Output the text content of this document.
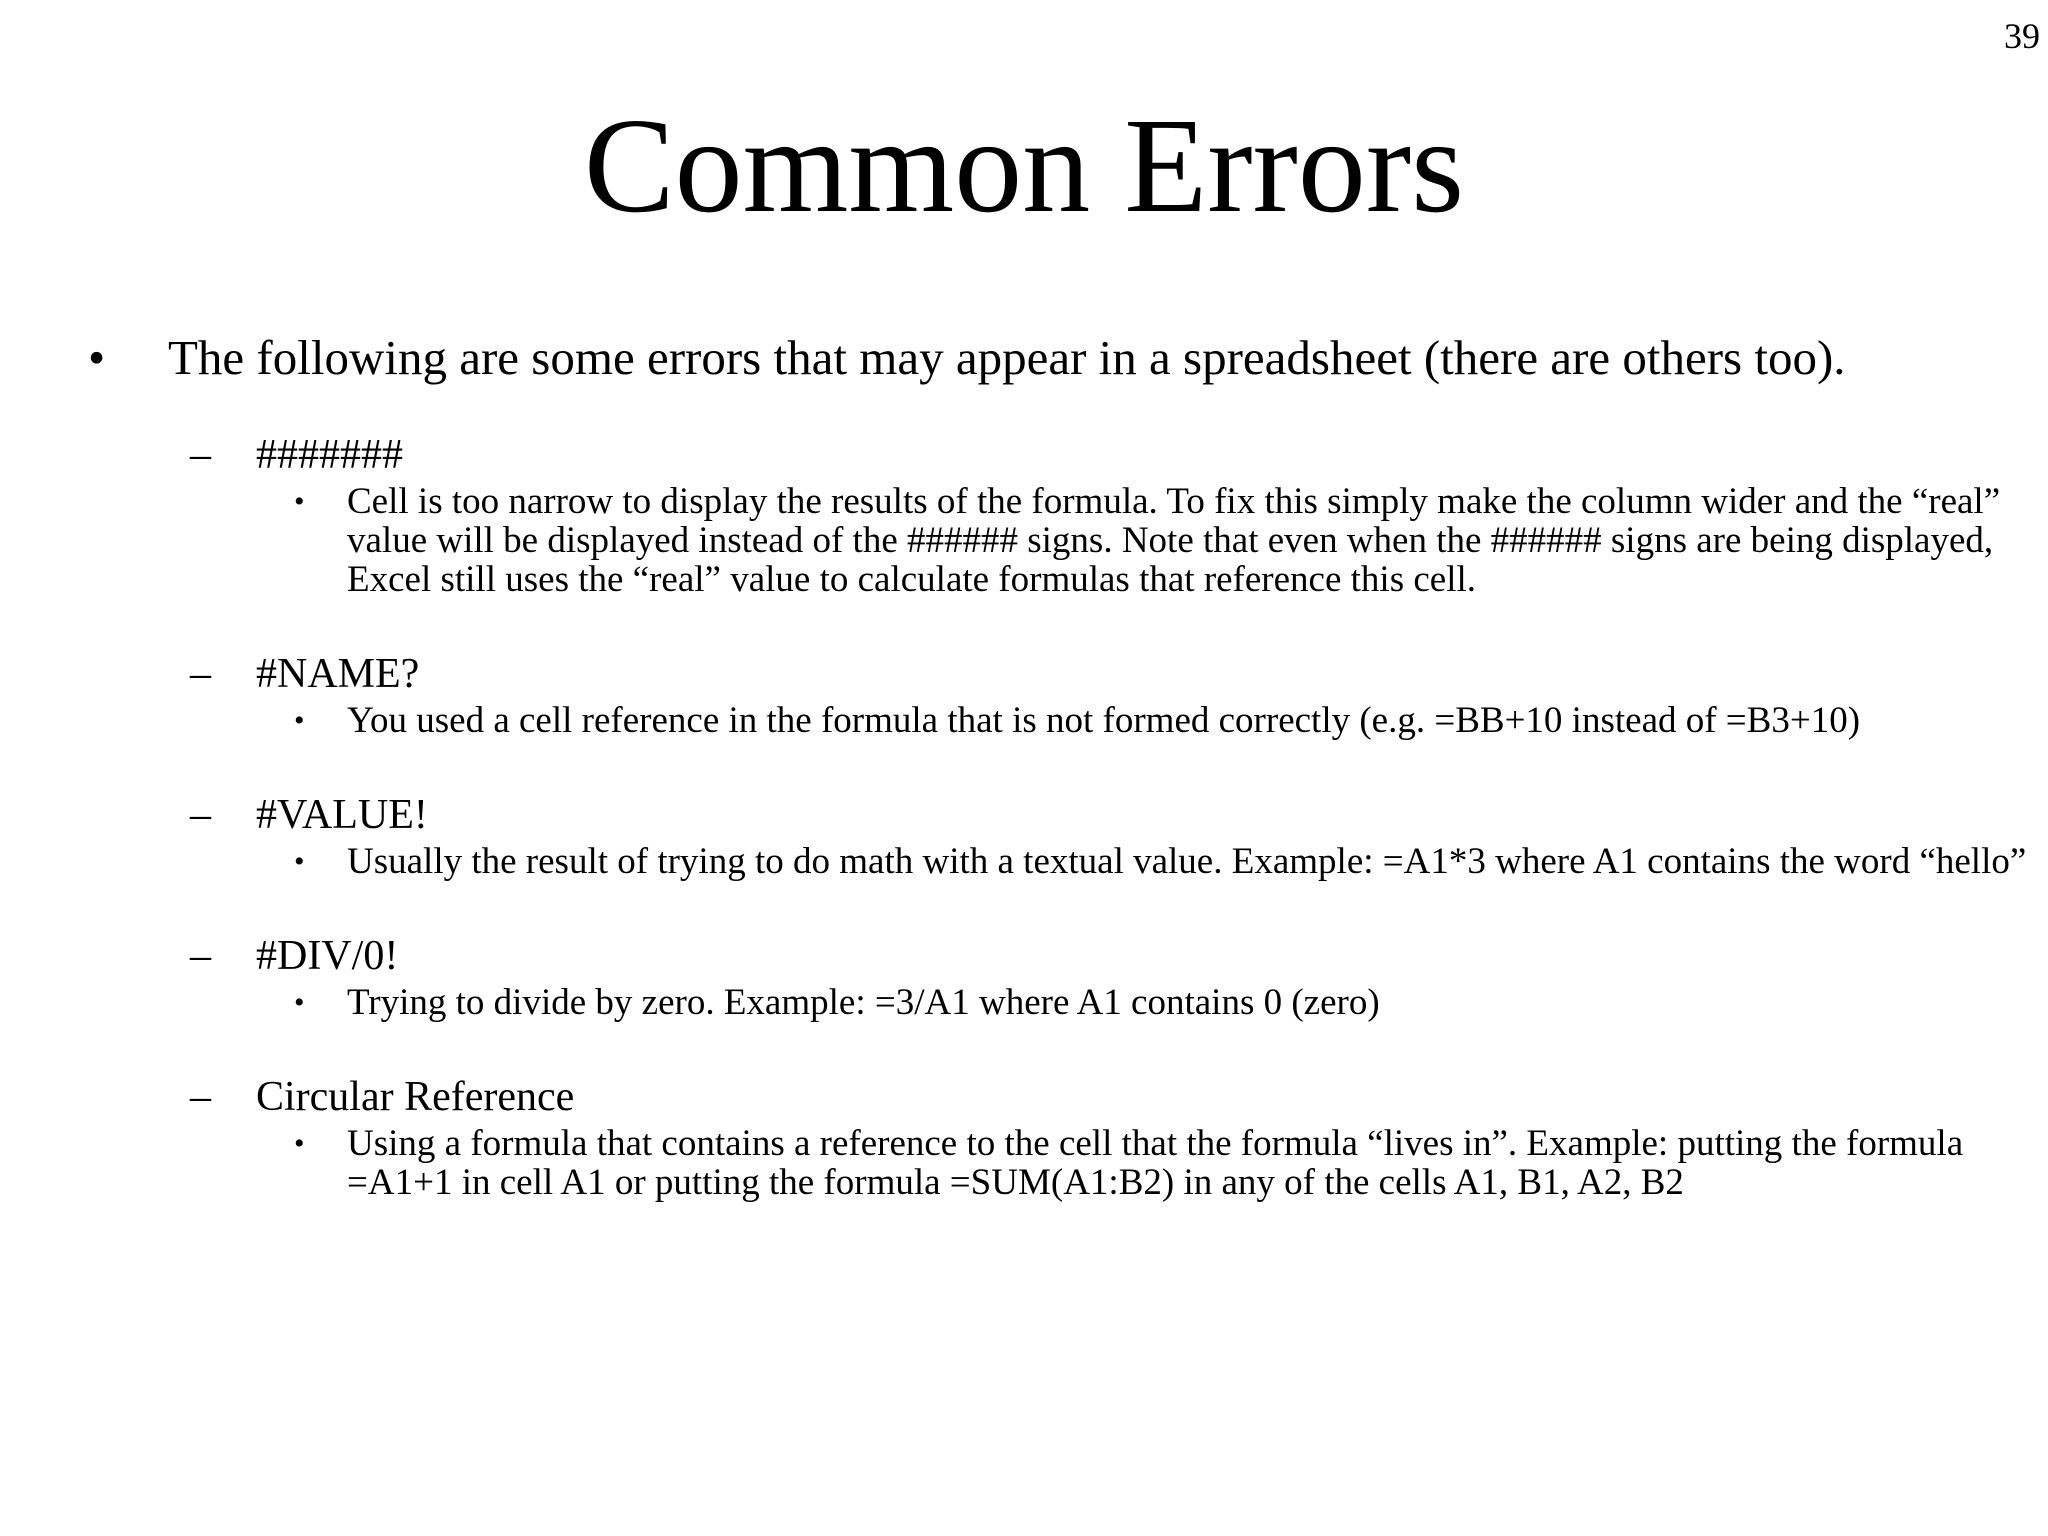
39
Common Errors
• The following are some errors that may appear in a spreadsheet (there are others too).
– #######
• Cell is too narrow to display the results of the formula. To fix this simply make the column wider and the “real” value will be displayed instead of the ###### signs. Note that even when the ###### signs are being displayed, Excel still uses the “real” value to calculate formulas that reference this cell.
– #NAME?
• You used a cell reference in the formula that is not formed correctly (e.g. =BB+10 instead of =B3+10)
– #VALUE!
• Usually the result of trying to do math with a textual value. Example: =A1*3 where A1 contains the word “hello”
– #DIV/0!
• Trying to divide by zero. Example: =3/A1 where A1 contains 0 (zero)
– Circular Reference
• Using a formula that contains a reference to the cell that the formula “lives in”. Example: putting the formula =A1+1 in cell A1 or putting the formula =SUM(A1:B2) in any of the cells A1, B1, A2, B2
